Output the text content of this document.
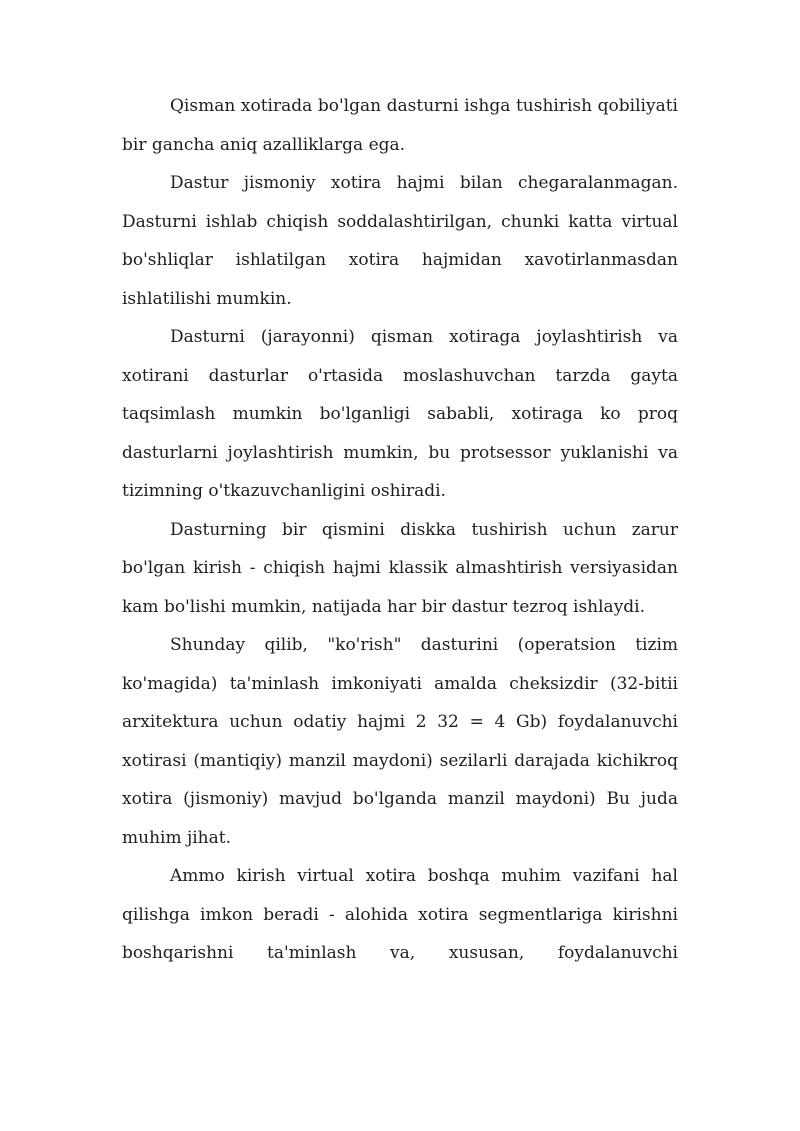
Qisman xotirada bo'lgan dasturni ishga tushirish qobiliyati bir gancha aniq azalliklarga ega.

Dastur jismoniy xotira hajmi bilan chegaralanmagan. Dasturni ishlab chiqish soddalashtirilgan, chunki katta virtual bo'shliqlar ishlatilgan xotira hajmidan xavotirlanmasdan ishlatilishi mumkin.

Dasturni (jarayonni) qisman xotiraga joylashtirish va xotirani dasturlar o'rtasida moslashuvchan tarzda gayta taqsimlash mumkin bo'lganligi sababli, xotiraga ko proq dasturlarni joylashtirish mumkin, bu protsessor yuklanishi va tizimning o'tkazuvchanligini oshiradi.

Dasturning bir qismini diskka tushirish uchun zarur bo'lgan kirish - chiqish hajmi klassik almashtirish versiyasidan kam bo'lishi mumkin, natijada har bir dastur tezroq ishlaydi.

Shunday qilib, "ko'rish" dasturini (operatsion tizim ko'magida) ta'minlash imkoniyati amalda cheksizdir (32-bitii arxitektura uchun odatiy hajmi 2 32 = 4 Gb) foydalanuvchi xotirasi (mantiqiy) manzil maydoni) sezilarli darajada kichikroq xotira (jismoniy) mavjud bo'lganda manzil maydoni) Bu juda muhim jihat.

Ammo kirish virtual xotira boshqa muhim vazifani hal qilishga imkon beradi - alohida xotira segmentlariga kirishni boshqarishni ta'minlash va, xususan, foydalanuvchi
